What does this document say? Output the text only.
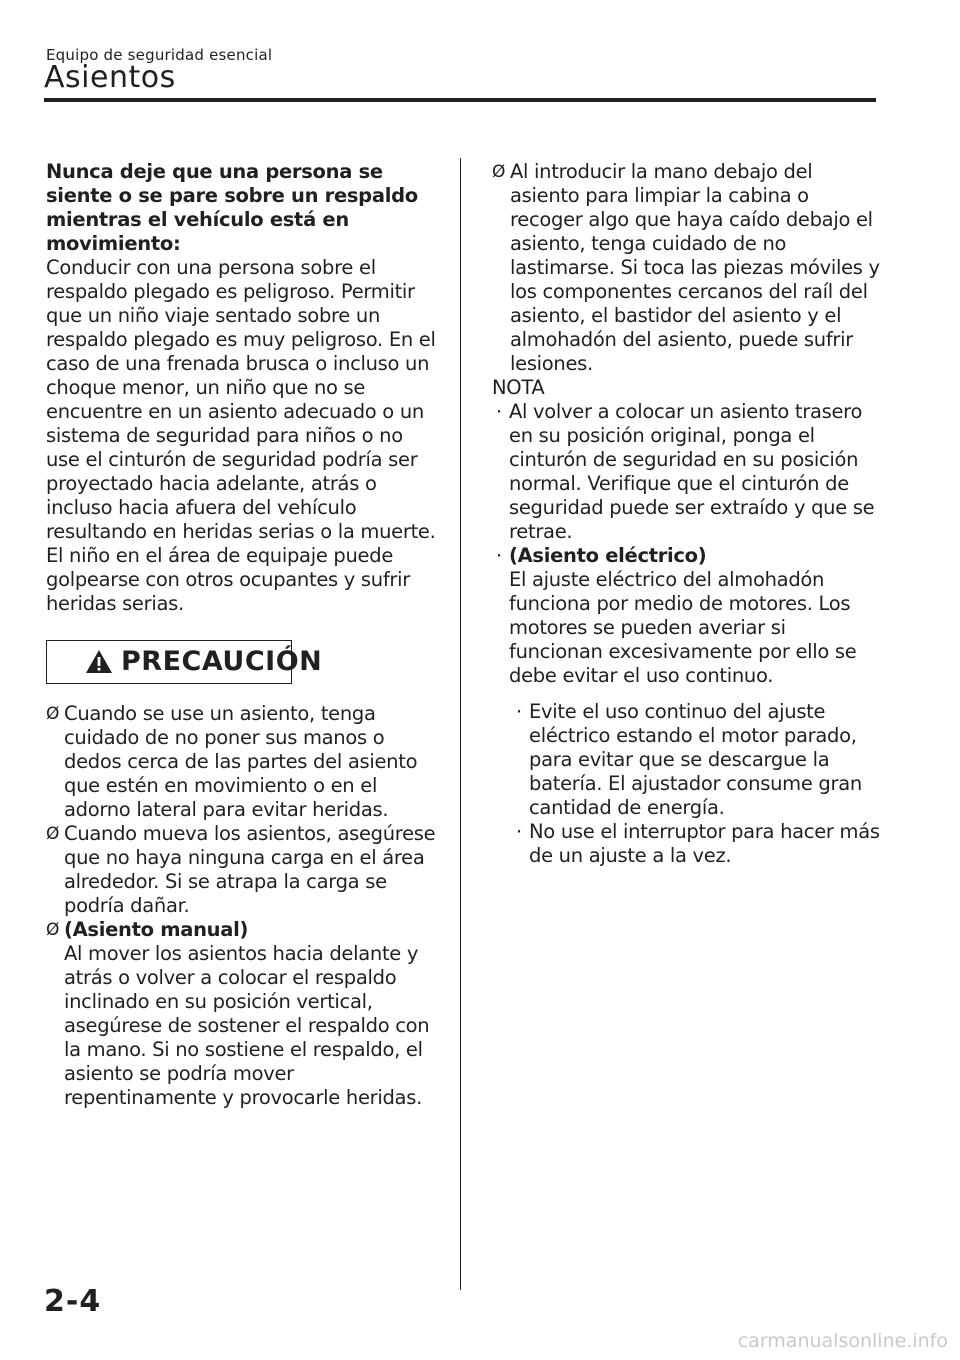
Equipo de seguridad esencial
Asientos

Nunca deje que una persona se siente o se pare sobre un respaldo mientras el vehículo está en movimiento:
Conducir con una persona sobre el respaldo plegado es peligroso. Permitir que un niño viaje sentado sobre un respaldo plegado es muy peligroso. En el caso de una frenada brusca o incluso un choque menor, un niño que no se encuentre en un asiento adecuado o un sistema de seguridad para niños o no use el cinturón de seguridad podría ser proyectado hacia adelante, atrás o incluso hacia afuera del vehículo resultando en heridas serias o la muerte. El niño en el área de equipaje puede golpearse con otros ocupantes y sufrir heridas serias.

PRECAUCIÓN

Ø Cuando se use un asiento, tenga cuidado de no poner sus manos o dedos cerca de las partes del asiento que estén en movimiento o en el adorno lateral para evitar heridas.

Ø Cuando mueva los asientos, asegúrese que no haya ninguna carga en el área alrededor. Si se atrapa la carga se podría dañar.

Ø (Asiento manual)
Al mover los asientos hacia delante y atrás o volver a colocar el respaldo inclinado en su posición vertical, asegúrese de sostener el respaldo con la mano. Si no sostiene el respaldo, el asiento se podría mover repentinamente y provocarle heridas.

Ø Al introducir la mano debajo del asiento para limpiar la cabina o recoger algo que haya caído debajo el asiento, tenga cuidado de no lastimarse. Si toca las piezas móviles y los componentes cercanos del raíl del asiento, el bastidor del asiento y el almohadón del asiento, puede sufrir lesiones.

NOTA

· Al volver a colocar un asiento trasero en su posición original, ponga el cinturón de seguridad en su posición normal. Verifique que el cinturón de seguridad puede ser extraído y que se retrae.

· (Asiento eléctrico)
El ajuste eléctrico del almohadón funciona por medio de motores. Los motores se pueden averiar si funcionan excesivamente por ello se debe evitar el uso continuo.

· Evite el uso continuo del ajuste eléctrico estando el motor parado, para evitar que se descargue la batería. El ajustador consume gran cantidad de energía.

· No use el interruptor para hacer más de un ajuste a la vez.

2-4
carmanualsonline.info
